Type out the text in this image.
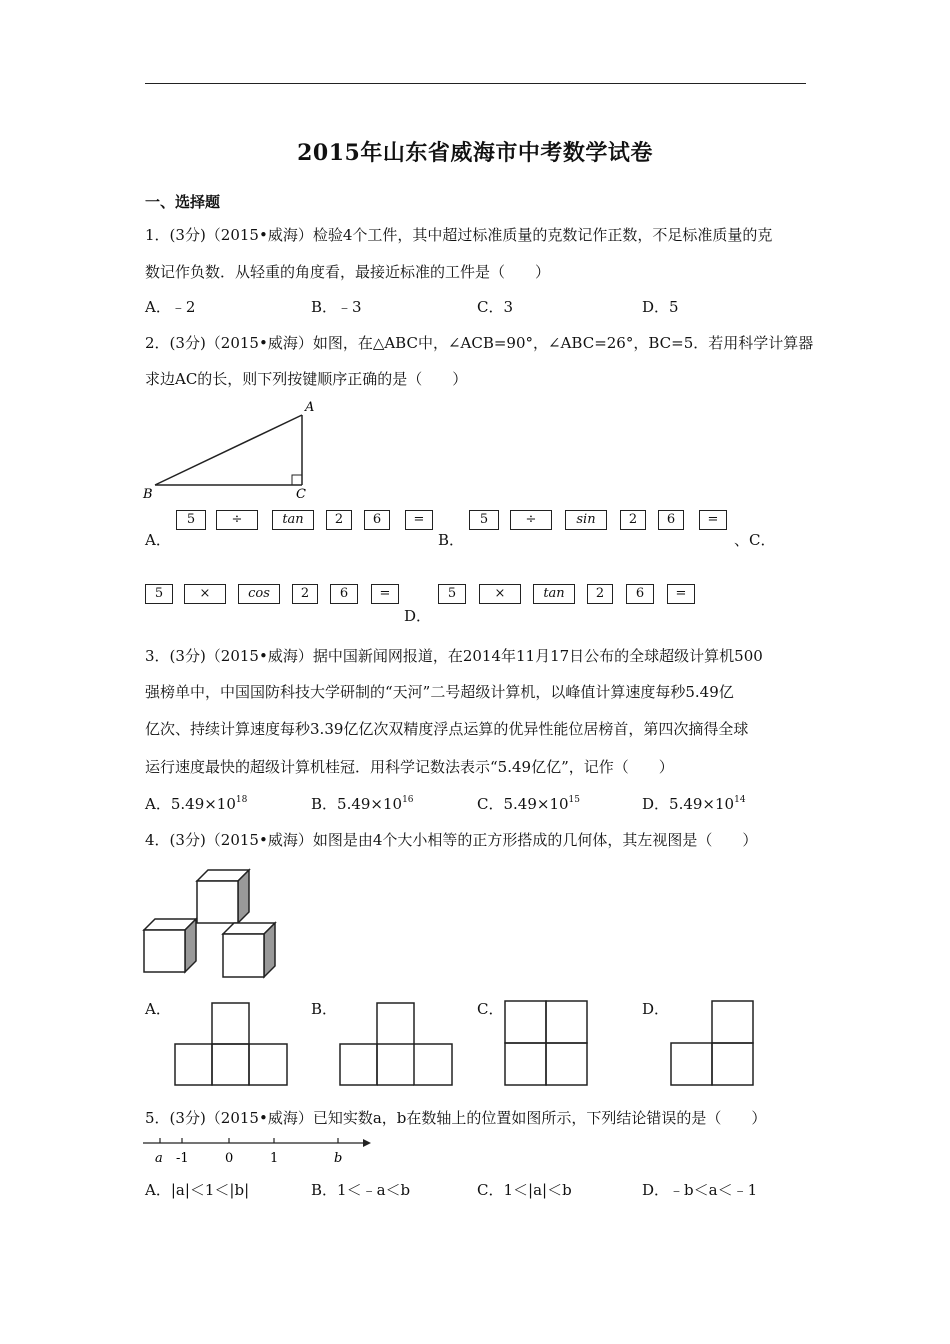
2015年山东省威海市中考数学试卷
一、选择题
1．(3分)（2015•威海）检验4个工件，其中超过标准质量的克数记作正数，不足标准质量的克
数记作负数．从轻重的角度看，最接近标准的工件是（　　）
A．﹣2	B．﹣3	C．3	D．5
2．(3分)（2015•威海）如图，在△ABC中，∠ACB=90°，∠ABC=26°，BC=5．若用科学计算器
求边AC的长，则下列按键顺序正确的是（　　）
A
B	C
A．
5	÷	tan	2	6	=
B．
5	÷	sin	2	6	=
、C．
5	×	cos	2	6	=
D．
5	×	tan	2	6	=
3．(3分)（2015•威海）据中国新闻网报道，在2014年11月17日公布的全球超级计算机500
强榜单中，中国国防科技大学研制的“天河”二号超级计算机，以峰值计算速度每秒5.49亿
亿次、持续计算速度每秒3.39亿亿次双精度浮点运算的优异性能位居榜首，第四次摘得全球
运行速度最快的超级计算机桂冠．用科学记数法表示“5.49亿亿”，记作（　　）
A．$5.49\times 10^{18}$	B．$5.49\times 10^{16}$	C．$5.49\times 10^{15}$	D．$5.49\times 10^{14}$
4．(3分)（2015•威海）如图是由4个大小相等的正方形搭成的几何体，其左视图是（　　）
A．	B．	C．	D．
5．(3分)（2015•威海）已知实数a，b在数轴上的位置如图所示，下列结论错误的是（　　）
a -1	0	1	b
A．|a|＜1＜|b|	B．1＜﹣a＜b	C．1＜|a|＜b	D．﹣b＜a＜﹣1
